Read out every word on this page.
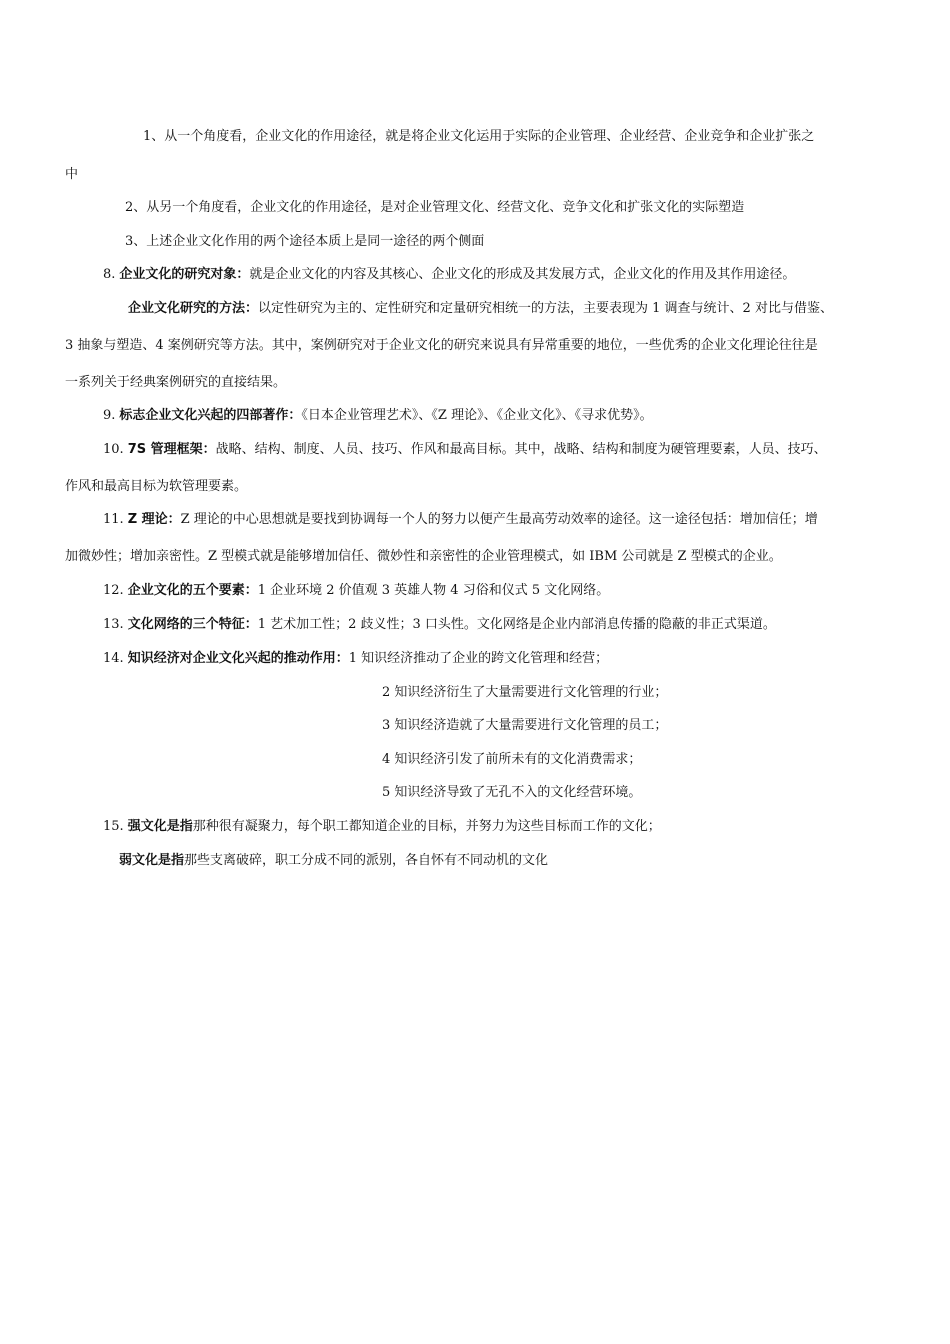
1、从一个角度看，企业文化的作用途径，就是将企业文化运用于实际的企业管理、企业经营、企业竞争和企业扩张之
中
2、从另一个角度看，企业文化的作用途径，是对企业管理文化、经营文化、竞争文化和扩张文化的实际塑造
3、上述企业文化作用的两个途径本质上是同一途径的两个侧面
8. 企业文化的研究对象：就是企业文化的内容及其核心、企业文化的形成及其发展方式，企业文化的作用及其作用途径。
企业文化研究的方法：以定性研究为主的、定性研究和定量研究相统一的方法，主要表现为 1 调查与统计、2 对比与借鉴、
3 抽象与塑造、4 案例研究等方法。其中，案例研究对于企业文化的研究来说具有异常重要的地位，一些优秀的企业文化理论往往是
一系列关于经典案例研究的直接结果。
9. 标志企业文化兴起的四部著作：《日本企业管理艺术》、《Z 理论》、《企业文化》、《寻求优势》。
10. 7S 管理框架：战略、结构、制度、人员、技巧、作风和最高目标。其中，战略、结构和制度为硬管理要素，人员、技巧、
作风和最高目标为软管理要素。
11. Z 理论：Z 理论的中心思想就是要找到协调每一个人的努力以便产生最高劳动效率的途径。这一途径包括：增加信任；增
加微妙性；增加亲密性。Z 型模式就是能够增加信任、微妙性和亲密性的企业管理模式，如 IBM 公司就是 Z 型模式的企业。
12. 企业文化的五个要素：1 企业环境 2 价值观 3 英雄人物 4 习俗和仪式 5 文化网络。
13. 文化网络的三个特征：1 艺术加工性；2 歧义性；3 口头性。文化网络是企业内部消息传播的隐蔽的非正式渠道。
14. 知识经济对企业文化兴起的推动作用：1 知识经济推动了企业的跨文化管理和经营；
2 知识经济衍生了大量需要进行文化管理的行业；
3 知识经济造就了大量需要进行文化管理的员工；
4 知识经济引发了前所未有的文化消费需求；
5 知识经济导致了无孔不入的文化经营环境。
15. 强文化是指那种很有凝聚力，每个职工都知道企业的目标，并努力为这些目标而工作的文化；
弱文化是指那些支离破碎，职工分成不同的派别，各自怀有不同动机的文化
